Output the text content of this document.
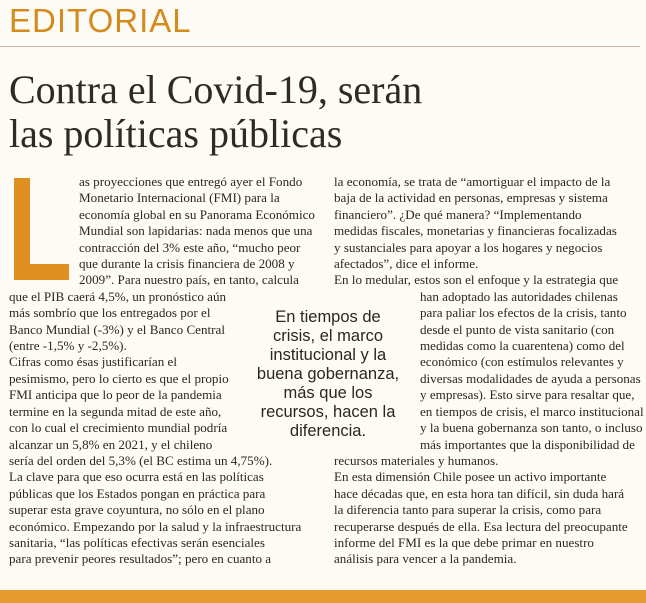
EDITORIAL
Contra el Covid-19, serán
las políticas públicas
as proyecciones que entregó ayer el Fondo
Monetario Internacional (FMI) para la
economía global en su Panorama Económico
Mundial son lapidarias: nada menos que una
contracción del 3% este año, “mucho peor
que durante la crisis financiera de 2008 y
2009”. Para nuestro país, en tanto, calcula
que el PIB caerá 4,5%, un pronóstico aún
más sombrío que los entregados por el
Banco Mundial (-3%) y el Banco Central
(entre -1,5% y -2,5%).
Cifras como ésas justificarían el
pesimismo, pero lo cierto es que el propio
FMI anticipa que lo peor de la pandemia
termine en la segunda mitad de este año,
con lo cual el crecimiento mundial podría
alcanzar un 5,8% en 2021, y el chileno
sería del orden del 5,3% (el BC estima un 4,75%).
La clave para que eso ocurra está en las políticas
públicas que los Estados pongan en práctica para
superar esta grave coyuntura, no sólo en el plano
económico. Empezando por la salud y la infraestructura
sanitaria, “las políticas efectivas serán esenciales
para prevenir peores resultados”; pero en cuanto a
En tiempos de
crisis, el marco
institucional y la
buena gobernanza,
más que los
recursos, hacen la
diferencia.
la economía, se trata de “amortiguar el impacto de la
baja de la actividad en personas, empresas y sistema
financiero”. ¿De qué manera? “Implementando
medidas fiscales, monetarias y financieras focalizadas
y sustanciales para apoyar a los hogares y negocios
afectados”, dice el informe.
En lo medular, estos son el enfoque y la estrategia que
han adoptado las autoridades chilenas
para paliar los efectos de la crisis, tanto
desde el punto de vista sanitario (con
medidas como la cuarentena) como del
económico (con estímulos relevantes y
diversas modalidades de ayuda a personas
y empresas). Esto sirve para resaltar que,
en tiempos de crisis, el marco institucional
y la buena gobernanza son tanto, o incluso
más importantes que la disponibilidad de
recursos materiales y humanos.
En esta dimensión Chile posee un activo importante
hace décadas que, en esta hora tan difícil, sin duda hará
la diferencia tanto para superar la crisis, como para
recuperarse después de ella. Esa lectura del preocupante
informe del FMI es la que debe primar en nuestro
análisis para vencer a la pandemia.
